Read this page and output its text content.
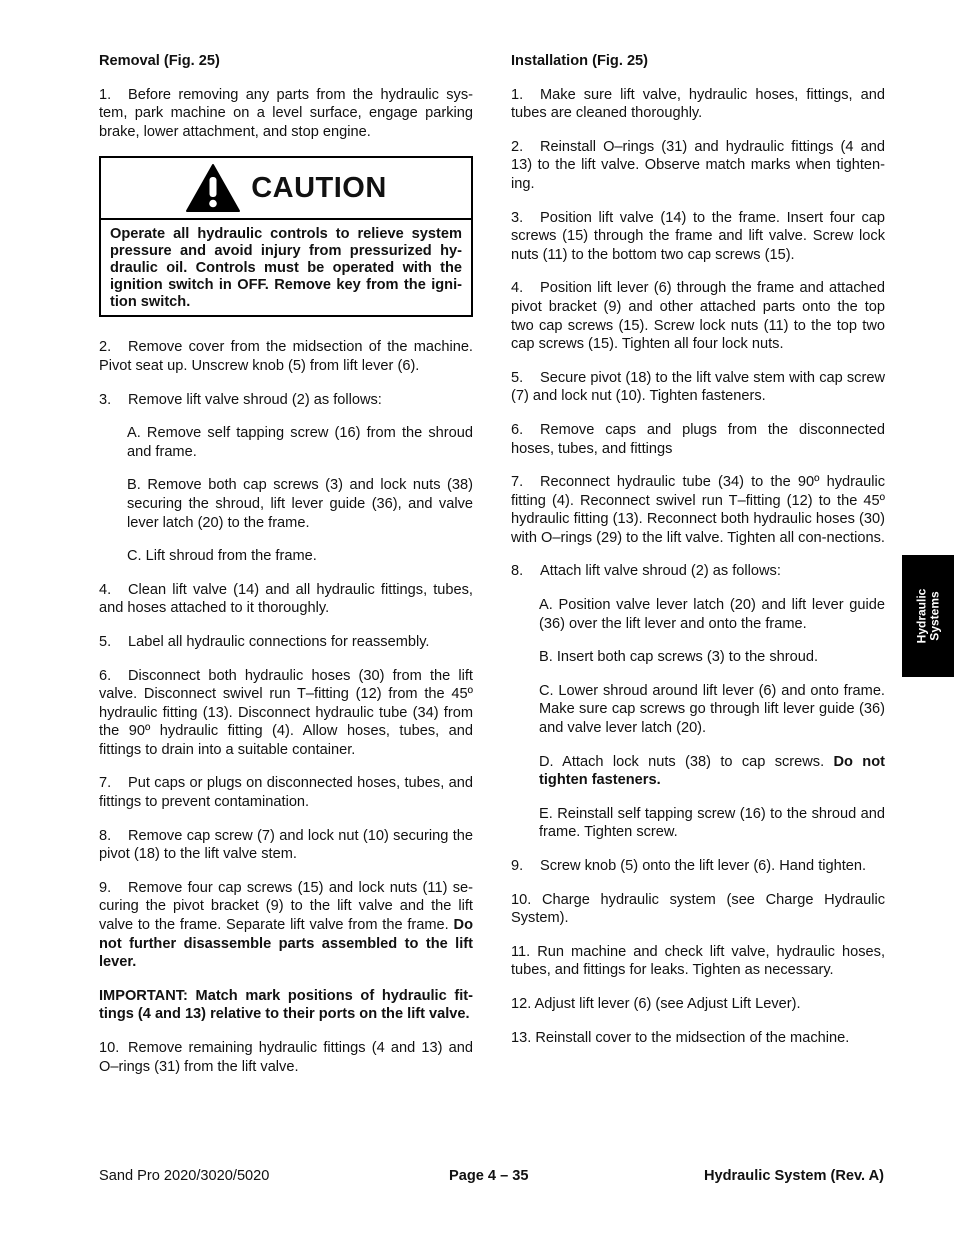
Removal (Fig. 25)

1. Before removing any parts from the hydraulic sys-tem, park machine on a level surface, engage parking brake, lower attachment, and stop engine.

CAUTION
Operate all hydraulic controls to relieve system pressure and avoid injury from pressurized hy-draulic oil. Controls must be operated with the ignition switch in OFF. Remove key from the igni-tion switch.

2. Remove cover from the midsection of the machine. Pivot seat up. Unscrew knob (5) from lift lever (6).

3. Remove lift valve shroud (2) as follows:

A. Remove self tapping screw (16) from the shroud and frame.

B. Remove both cap screws (3) and lock nuts (38) securing the shroud, lift lever guide (36), and valve lever latch (20) to the frame.

C. Lift shroud from the frame.

4. Clean lift valve (14) and all hydraulic fittings, tubes, and hoses attached to it thoroughly.

5. Label all hydraulic connections for reassembly.

6. Disconnect both hydraulic hoses (30) from the lift valve. Disconnect swivel run T–fitting (12) from the 45º hydraulic fitting (13). Disconnect hydraulic tube (34) from the 90º hydraulic fitting (4). Allow hoses, tubes, and fittings to drain into a suitable container.

7. Put caps or plugs on disconnected hoses, tubes, and fittings to prevent contamination.

8. Remove cap screw (7) and lock nut (10) securing the pivot (18) to the lift valve stem.

9. Remove four cap screws (15) and lock nuts (11) se-curing the pivot bracket (9) to the lift valve and the lift valve to the frame. Separate lift valve from the frame. Do not further disassemble parts assembled to the lift lever.

IMPORTANT: Match mark positions of hydraulic fit-tings (4 and 13) relative to their ports on the lift valve.

10. Remove remaining hydraulic fittings (4 and 13) and O–rings (31) from the lift valve.

Installation (Fig. 25)

1. Make sure lift valve, hydraulic hoses, fittings, and tubes are cleaned thoroughly.

2. Reinstall O–rings (31) and hydraulic fittings (4 and 13) to the lift valve. Observe match marks when tighten-ing.

3. Position lift valve (14) to the frame. Insert four cap screws (15) through the frame and lift valve. Screw lock nuts (11) to the bottom two cap screws (15).

4. Position lift lever (6) through the frame and attached pivot bracket (9) and other attached parts onto the top two cap screws (15). Screw lock nuts (11) to the top two cap screws (15). Tighten all four lock nuts.

5. Secure pivot (18) to the lift valve stem with cap screw (7) and lock nut (10). Tighten fasteners.

6. Remove caps and plugs from the disconnected hoses, tubes, and fittings

7. Reconnect hydraulic tube (34) to the 90º hydraulic fitting (4). Reconnect swivel run T–fitting (12) to the 45º hydraulic fitting (13). Reconnect both hydraulic hoses (30) with O–rings (29) to the lift valve. Tighten all con-nections.

8. Attach lift valve shroud (2) as follows:

A. Position valve lever latch (20) and lift lever guide (36) over the lift lever and onto the frame.

B. Insert both cap screws (3) to the shroud.

C. Lower shroud around lift lever (6) and onto frame. Make sure cap screws go through lift lever guide (36) and valve lever latch (20).

D. Attach lock nuts (38) to cap screws. Do not tighten fasteners.

E. Reinstall self tapping screw (16) to the shroud and frame. Tighten screw.

9. Screw knob (5) onto the lift lever (6). Hand tighten.

10. Charge hydraulic system (see Charge Hydraulic System).

11. Run machine and check lift valve, hydraulic hoses, tubes, and fittings for leaks. Tighten as necessary.

12. Adjust lift lever (6) (see Adjust Lift Lever).

13. Reinstall cover to the midsection of the machine.

Hydraulic Systems
Sand Pro 2020/3020/5020	Page 4 – 35	Hydraulic System (Rev. A)
